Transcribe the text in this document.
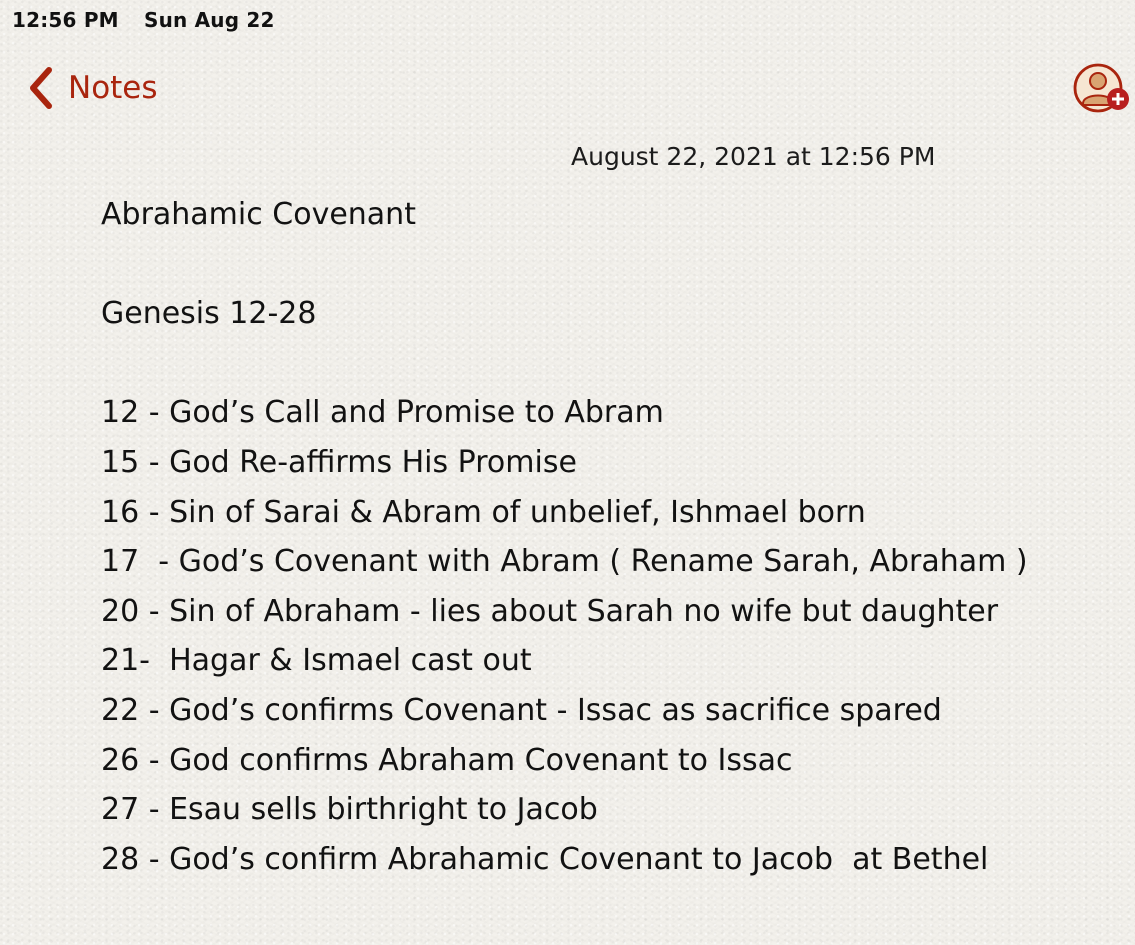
12:56 PM Sun Aug 22
Notes
August 22, 2021 at 12:56 PM
Abrahamic Covenant
Genesis 12-28
12 - God’s Call and Promise to Abram
15 - God Re-affirms His Promise
16 - Sin of Sarai & Abram of unbelief, Ishmael born
17  - God’s Covenant with Abram ( Rename Sarah, Abraham )
20 - Sin of Abraham - lies about Sarah no wife but daughter
21-  Hagar & Ismael cast out
22 - God’s confirms Covenant - Issac as sacrifice spared
26 - God confirms Abraham Covenant to Issac
27 - Esau sells birthright to Jacob
28 - God’s confirm Abrahamic Covenant to Jacob  at Bethel
